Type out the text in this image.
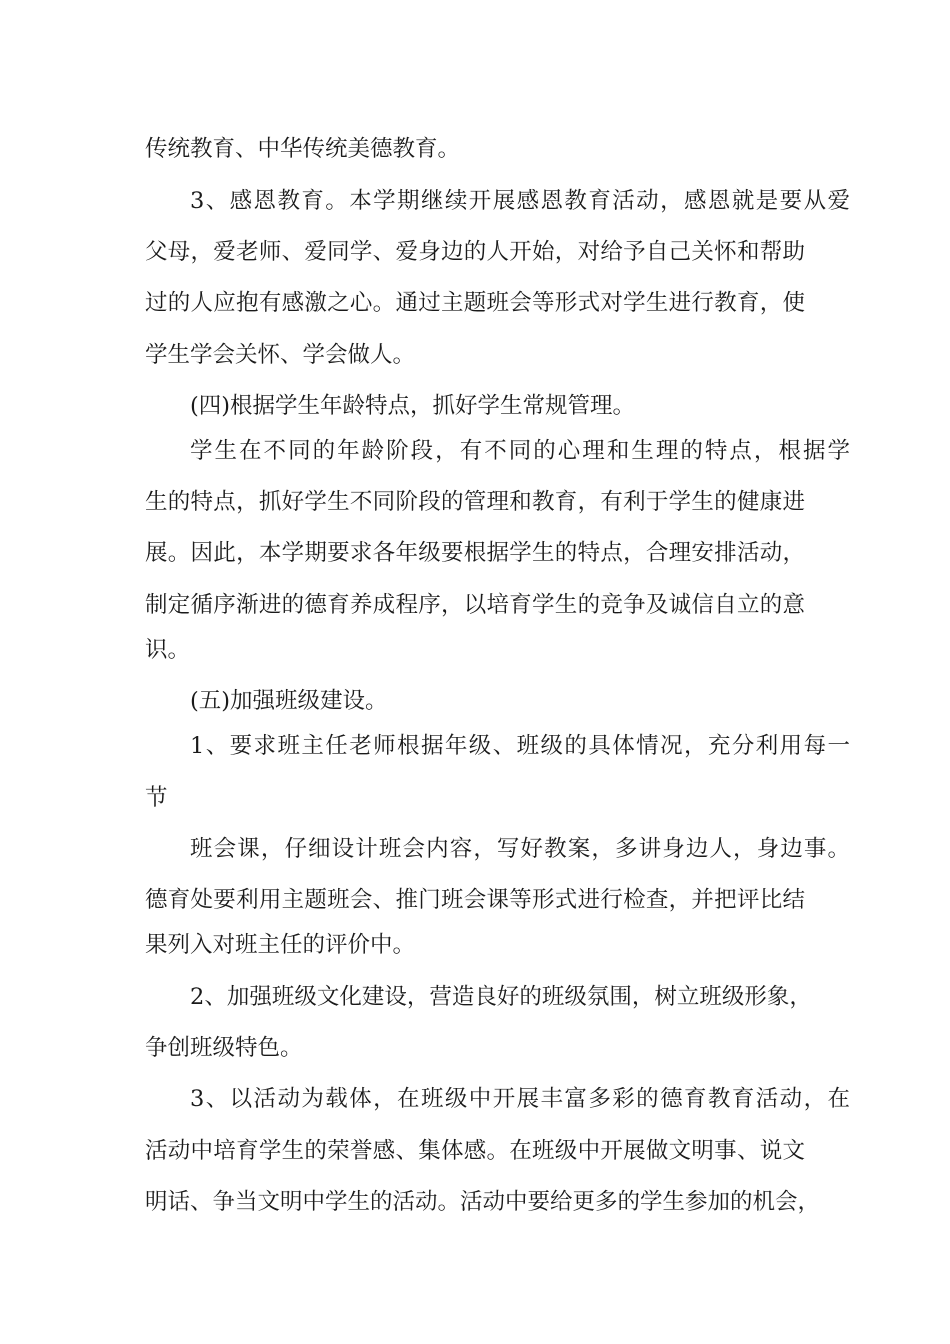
传统教育、中华传统美德教育。
3、感恩教育。本学期继续开展感恩教育活动，感恩就是要从爱
父母，爱老师、爱同学、爱身边的人开始，对给予自己关怀和帮助
过的人应抱有感激之心。通过主题班会等形式对学生进行教育，使
学生学会关怀、学会做人。
(四)根据学生年龄特点，抓好学生常规管理。
学生在不同的年龄阶段，有不同的心理和生理的特点，根据学
生的特点，抓好学生不同阶段的管理和教育，有利于学生的健康进
展。因此，本学期要求各年级要根据学生的特点，合理安排活动，
制定循序渐进的德育养成程序，以培育学生的竞争及诚信自立的意
识。
(五)加强班级建设。
1、要求班主任老师根据年级、班级的具体情况，充分利用每一
节
班会课，仔细设计班会内容，写好教案，多讲身边人，身边事。
德育处要利用主题班会、推门班会课等形式进行检查，并把评比结
果列入对班主任的评价中。
2、加强班级文化建设，营造良好的班级氛围，树立班级形象，
争创班级特色。
3、以活动为载体，在班级中开展丰富多彩的德育教育活动，在
活动中培育学生的荣誉感、集体感。在班级中开展做文明事、说文
明话、争当文明中学生的活动。活动中要给更多的学生参加的机会，
